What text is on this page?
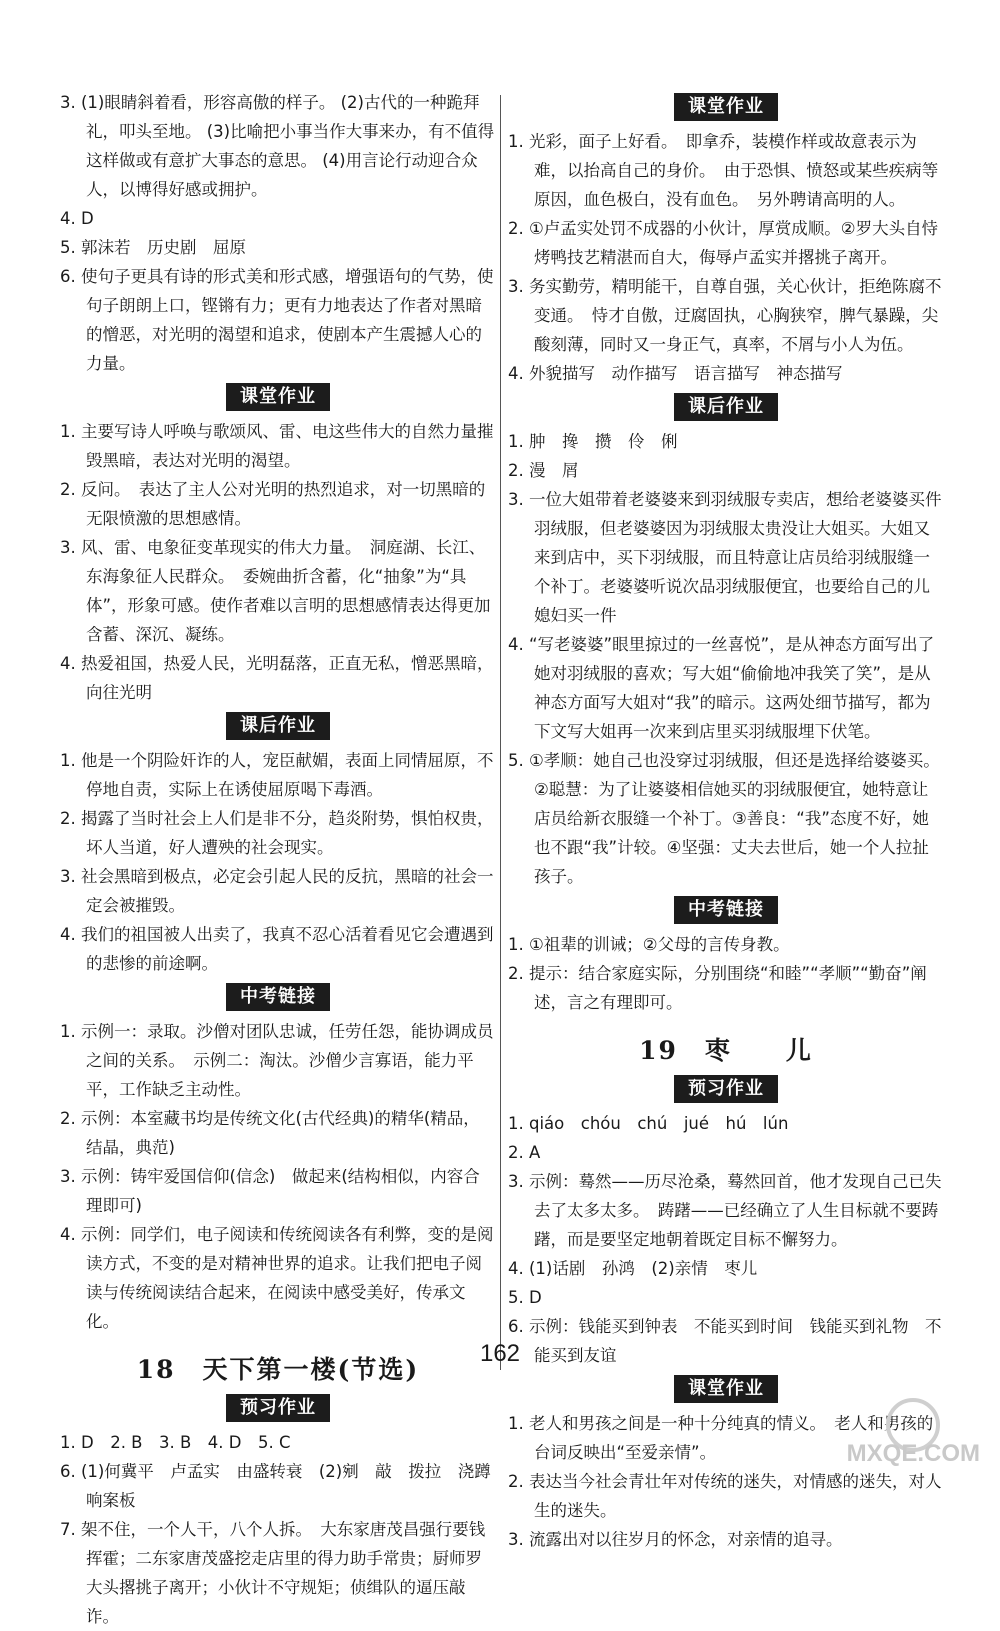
3. (1)眼睛斜着看，形容高傲的样子。 (2)古代的一种跪拜礼，叩头至地。 (3)比喻把小事当作大事来办，有不值得这样做或有意扩大事态的意思。 (4)用言论行动迎合众人，以博得好感或拥护。

4. D

5. 郭沫若　历史剧　屈原

6. 使句子更具有诗的形式美和形式感，增强语句的气势，使句子朗朗上口，铿锵有力；更有力地表达了作者对黑暗的憎恶，对光明的渴望和追求，使剧本产生震撼人心的力量。

课堂作业

1. 主要写诗人呼唤与歌颂风、雷、电这些伟大的自然力量摧毁黑暗，表达对光明的渴望。

2. 反问。　表达了主人公对光明的热烈追求，对一切黑暗的无限愤激的思想感情。

3. 风、雷、电象征变革现实的伟大力量。　洞庭湖、长江、东海象征人民群众。　委婉曲折含蓄，化“抽象”为“具体”，形象可感。使作者难以言明的思想感情表达得更加含蓄、深沉、凝练。

4. 热爱祖国，热爱人民，光明磊落，正直无私，憎恶黑暗，向往光明

课后作业

1. 他是一个阴险奸诈的人，宠臣献媚，表面上同情屈原，不停地自责，实际上在诱使屈原喝下毒酒。

2. 揭露了当时社会上人们是非不分，趋炎附势，惧怕权贵，坏人当道，好人遭殃的社会现实。

3. 社会黑暗到极点，必定会引起人民的反抗，黑暗的社会一定会被摧毁。

4. 我们的祖国被人出卖了，我真不忍心活着看见它会遭遇到的悲惨的前途啊。

中考链接

1. 示例一：录取。沙僧对团队忠诚，任劳任怨，能协调成员之间的关系。　示例二：淘汰。沙僧少言寡语，能力平平，工作缺乏主动性。

2. 示例：本室藏书均是传统文化(古代经典)的精华(精品，结晶，典范)

3. 示例：铸牢爱国信仰(信念)　做起来(结构相似，内容合理即可)

4. 示例：同学们，电子阅读和传统阅读各有利弊，变的是阅读方式，不变的是对精神世界的追求。让我们把电子阅读与传统阅读结合起来，在阅读中感受美好，传承文化。

18　天下第一楼(节选)
预习作业

1. D　2. B　3. B　4. D　5. C

6. (1)何冀平　卢孟实　由盛转衰　(2)剜　敲　拨拉　浇蹲　响案板

7. 架不住，一个人干，八个人拆。　大东家唐茂昌强行要钱挥霍；二东家唐茂盛挖走店里的得力助手常贵；厨师罗大头撂挑子离开；小伙计不守规矩；侦缉队的逼压敲诈。

课堂作业

1. 光彩，面子上好看。　即拿乔，装模作样或故意表示为难，以抬高自己的身价。　由于恐惧、愤怒或某些疾病等原因，血色极白，没有血色。　另外聘请高明的人。

2. ①卢孟实处罚不成器的小伙计，厚赏成顺。②罗大头自恃烤鸭技艺精湛而自大，侮辱卢孟实并撂挑子离开。

3. 务实勤劳，精明能干，自尊自强，关心伙计，拒绝陈腐不变通。　恃才自傲，迂腐固执，心胸狭窄，脾气暴躁，尖酸刻薄，同时又一身正气，真率，不屑与小人为伍。

4. 外貌描写　动作描写　语言描写　神态描写

课后作业

1. 肿　搀　攒　伶　俐

2. 漫　屑

3. 一位大姐带着老婆婆来到羽绒服专卖店，想给老婆婆买件羽绒服，但老婆婆因为羽绒服太贵没让大姐买。大姐又来到店中，买下羽绒服，而且特意让店员给羽绒服缝一个补丁。老婆婆听说次品羽绒服便宜，也要给自己的儿媳妇买一件

4. “写老婆婆”眼里掠过的一丝喜悦”，是从神态方面写出了她对羽绒服的喜欢；写大姐“偷偷地冲我笑了笑”，是从神态方面写大姐对“我”的暗示。这两处细节描写，都为下文写大姐再一次来到店里买羽绒服埋下伏笔。

5. ①孝顺：她自己也没穿过羽绒服，但还是选择给婆婆买。②聪慧：为了让婆婆相信她买的羽绒服便宜，她特意让店员给新衣服缝一个补丁。③善良：“我”态度不好，她也不跟“我”计较。④坚强：丈夫去世后，她一个人拉扯孩子。

中考链接

1. ①祖辈的训诫；②父母的言传身教。

2. 提示：结合家庭实际，分别围绕“和睦”“孝顺”“勤奋”阐述，言之有理即可。

19　枣　　儿
预习作业

1. qiáo　chóu　chú　jué　hú　lún

2. A

3. 示例：蓦然——历尽沧桑，蓦然回首，他才发现自己已失去了太多太多。　踌躇——已经确立了人生目标就不要踌躇，而是要坚定地朝着既定目标不懈努力。

4. (1)话剧　孙鸿　(2)亲情　枣儿

5. D

6. 示例：钱能买到钟表　不能买到时间　钱能买到礼物　不能买到友谊

课堂作业

1. 老人和男孩之间是一种十分纯真的情义。　老人和男孩的台词反映出“至爱亲情”。

2. 表达当今社会青壮年对传统的迷失，对情感的迷失，对人生的迷失。

3. 流露出对以往岁月的怀念，对亲情的追寻。

162
MXQE.COM
